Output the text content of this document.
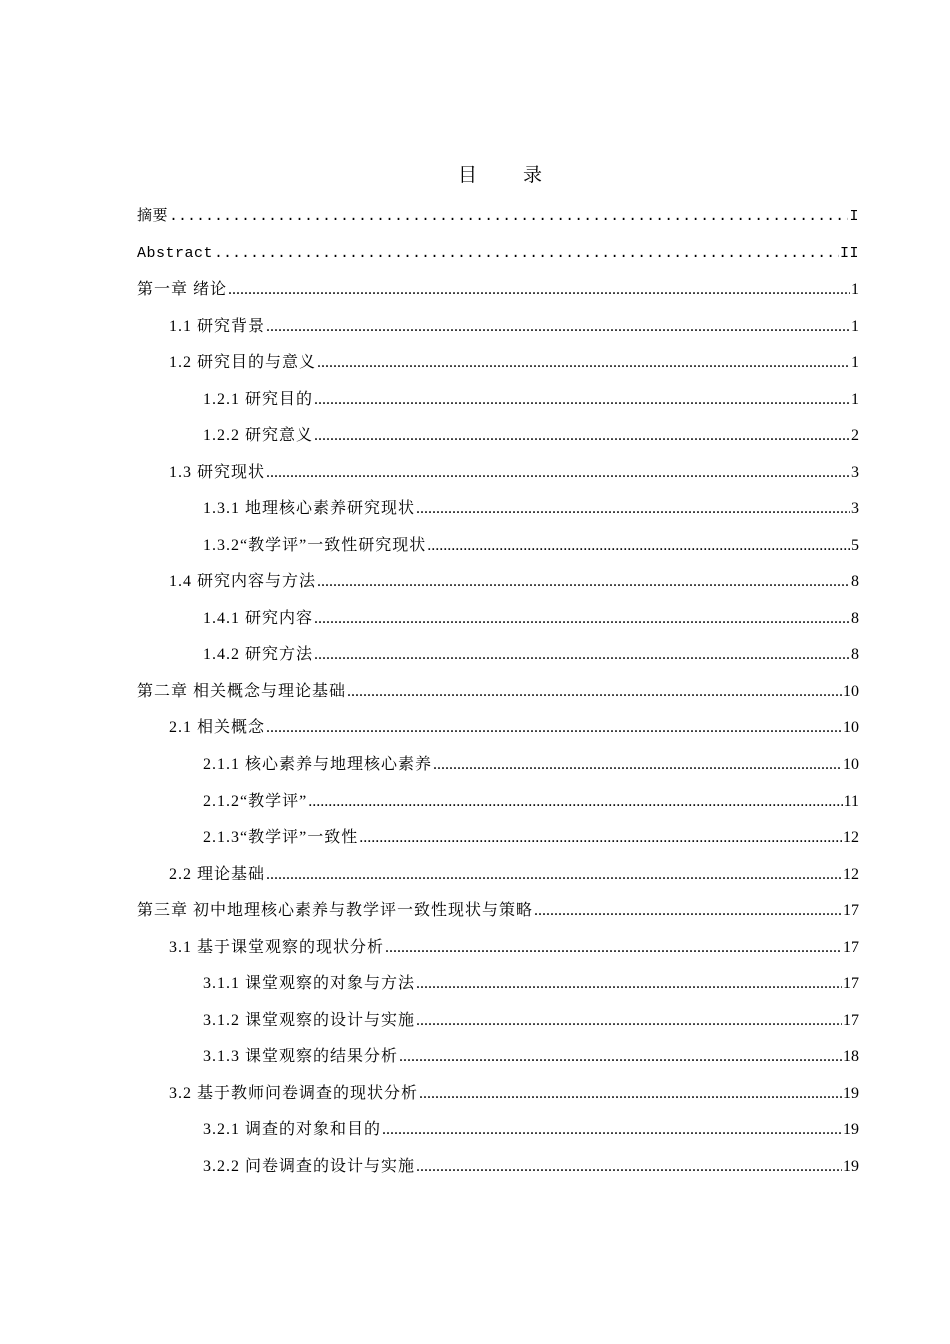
目 录
摘要 .....	I
Abstract .....	II
第一章 绪论 .....	1
1.1 研究背景 .....	1
1.2 研究目的与意义 .....	1
1.2.1 研究目的 .....	1
1.2.2 研究意义 .....	2
1.3 研究现状 .....	3
1.3.1 地理核心素养研究现状 .....	3
1.3.2“教学评”一致性研究现状 .....	5
1.4 研究内容与方法 .....	8
1.4.1 研究内容 .....	8
1.4.2 研究方法 .....	8
第二章 相关概念与理论基础 .....	10
2.1 相关概念 .....	10
2.1.1 核心素养与地理核心素养 .....	10
2.1.2“教学评” .....	11
2.1.3“教学评”一致性 .....	12
2.2 理论基础 .....	12
第三章 初中地理核心素养与教学评一致性现状与策略 .....	17
3.1 基于课堂观察的现状分析 .....	17
3.1.1 课堂观察的对象与方法 .....	17
3.1.2 课堂观察的设计与实施 .....	17
3.1.3 课堂观察的结果分析 .....	18
3.2 基于教师问卷调查的现状分析 .....	19
3.2.1 调查的对象和目的 .....	19
3.2.2 问卷调查的设计与实施 .....	19
